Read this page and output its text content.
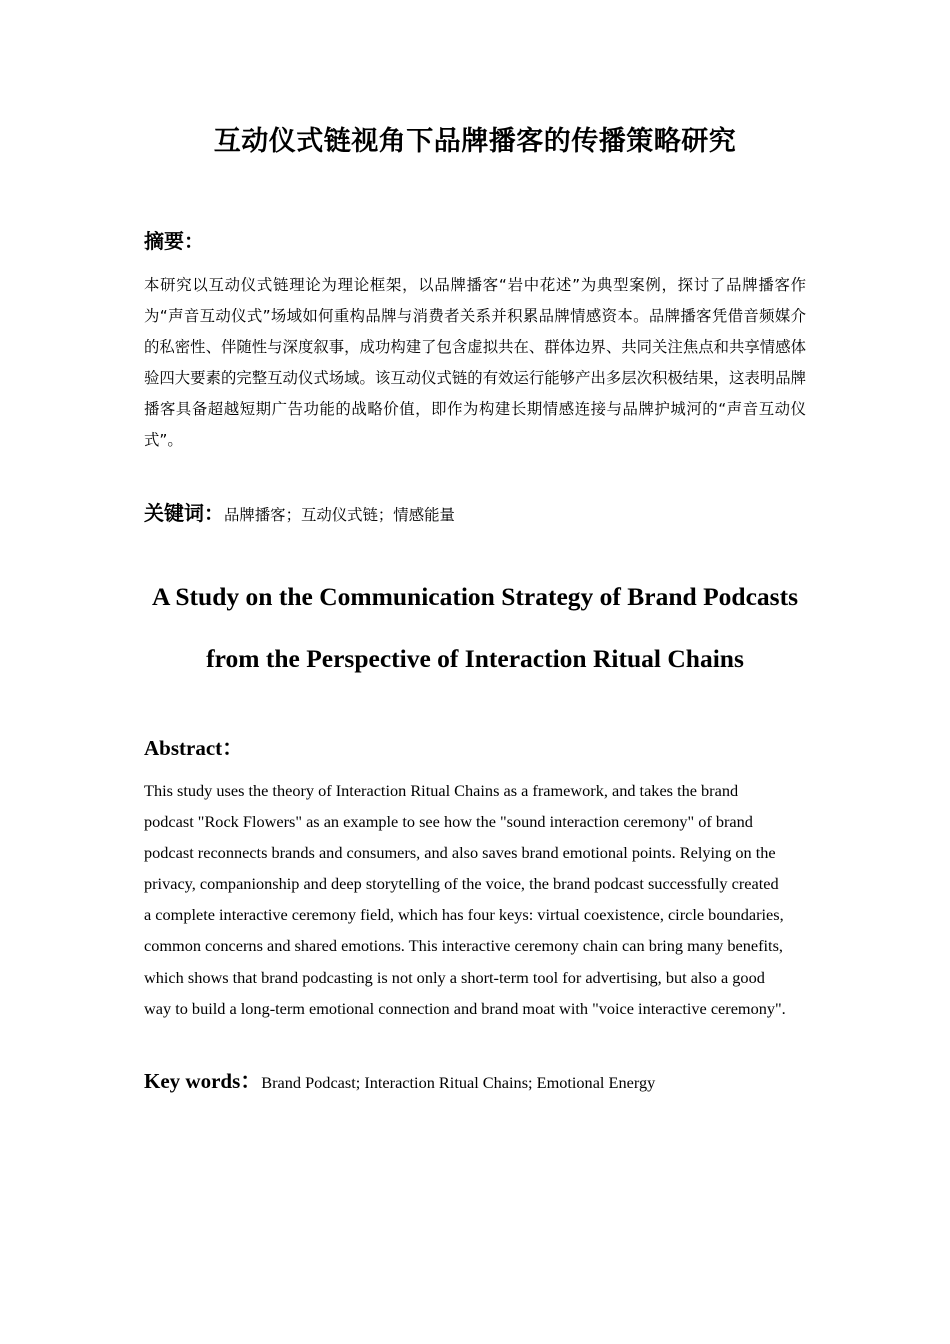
互动仪式链视角下品牌播客的传播策略研究
摘要：

本研究以互动仪式链理论为理论框架，以品牌播客“岩中花述”为典型案例，探讨了品牌播客作为“声音互动仪式”场域如何重构品牌与消费者关系并积累品牌情感资本。品牌播客凭借音频媒介的私密性、伴随性与深度叙事，成功构建了包含虚拟共在、群体边界、共同关注焦点和共享情感体验四大要素的完整互动仪式场域。该互动仪式链的有效运行能够产出多层次积极结果，这表明品牌播客具备超越短期广告功能的战略价值，即作为构建长期情感连接与品牌护城河的“声音互动仪式”。

关键词：品牌播客；互动仪式链；情感能量
A Study on the Communication Strategy of Brand Podcasts
from the Perspective of Interaction Ritual Chains
Abstract：
This study uses the theory of Interaction Ritual Chains as a framework, and takes the brand
podcast "Rock Flowers" as an example to see how the "sound interaction ceremony" of brand
podcast reconnects brands and consumers, and also saves brand emotional points. Relying on the
privacy, companionship and deep storytelling of the voice, the brand podcast successfully created
a complete interactive ceremony field, which has four keys: virtual coexistence, circle boundaries,
common concerns and shared emotions. This interactive ceremony chain can bring many benefits,
which shows that brand podcasting is not only a short-term tool for advertising, but also a good
way to build a long-term emotional connection and brand moat with "voice interactive ceremony".
Key words：Brand Podcast; Interaction Ritual Chains; Emotional Energy
